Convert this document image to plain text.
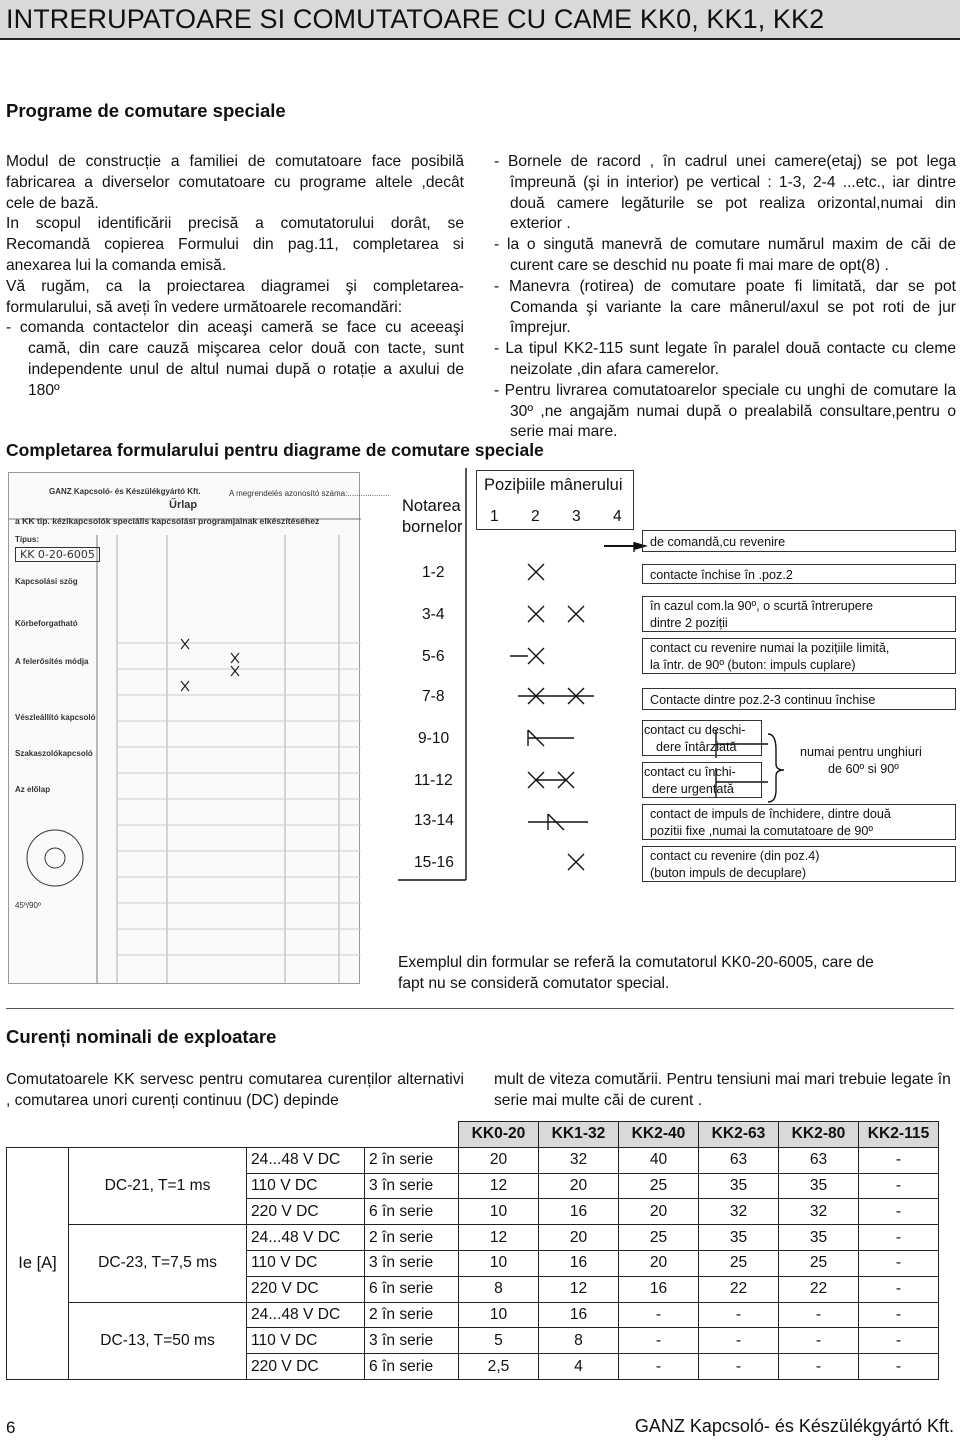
INTRERUPATOARE SI COMUTATOARE CU CAME KK0, KK1, KK2
Programe de comutare speciale

Modul de construcție a familiei de comutatoare face posibilă fabricarea a diverselor comutatoare cu programe altele ,decât cele de bază.

In scopul identificării precisă a comutatorului dorât, se Recomandă copierea Formului din pag.11, completarea si anexarea lui la comanda emisă.

Vă rugăm, ca la proiectarea diagramei şi completarea-formularului, să aveți în vedere următoarele recomandări:

- comanda contactelor din aceaşi cameră se face cu aceeaşi camă, din care cauză mişcarea celor două con tacte, sunt independente unul de altul numai după o rotație a axului de 180º

- Bornele de racord , în cadrul unei camere(etaj) se pot lega împreună (şi in interior) pe vertical : 1-3, 2-4 ...etc., iar dintre două camere legăturile se pot realiza orizontal,numai din exterior .

- la o singută manevră de comutare numărul maxim de căi de curent care se deschid nu poate fi mai mare de opt(8) .

- Manevra (rotirea) de comutare poate fi limitată, dar se pot Comanda şi variante la care mânerul/axul se pot roti de jur împrejur.

- La tipul KK2-115 sunt legate în paralel două contacte cu cleme neizolate ,din afara camerelor.

- Pentru livrarea comutatoarelor speciale cu unghi de comutare la 30º ,ne angajăm numai după o prealabilă consultare,pentru o serie mai mare.

Completarea formularului pentru diagrame de comutare speciale
GANZ Kapcsoló- és Készülékgyártó Kft.	A megrendelés azonosító száma:...................
Űrlap
a KK tip. kézikapcsolók speciális kapcsolási programjainak elkészítéséhez
Típus:
KK 0-20-6005
Kapcsolási szög
Körbeforgatható
A felerősítés módja
Vészleállító kapcsoló
Szakaszolókapcsoló
Az előlap
45º/90º
Notarea bornelor
Poziþiile mânerului
1 2 3 4
1-2
3-4
5-6
7-8
9-10
11-12
13-14
15-16
de comandă,cu revenire
contacte închise în .poz.2
în cazul com.la 90º, o scurtă întrerupere
dintre 2 poziții
contact cu revenire numai la pozițiile limită,
la într. de 90º (buton: impuls cuplare)
Contacte dintre poz.2-3 continuu închise
contact cu deschi-
dere întârziată
contact cu închi-
dere urgentată
numai pentru unghiuri
de 60º si 90º
contact de impuls de închidere, dintre două
pozitii fixe ,numai la comutatoare de 90º
contact cu revenire (din poz.4)
(buton impuls de decuplare)
Exemplul din formular se referă la comutatorul KK0-20-6005, care de fapt nu se consideră comutator special.
Curenți nominali de exploatare
Comutatoarele KK servesc pentru comutarea curenților alternativi , comutarea unori curenți continuu (DC) depinde
mult de viteza comutării. Pentru tensiuni mai mari trebuie legate în serie mai multe căi de curent .
				KK0-20	KK1-32	KK2-40	KK2-63	KK2-80	KK2-115
Ie [A]	DC-21, T=1 ms	24...48 V DC	2 în serie	20	32	40	63	63	-
		110 V DC	3 în serie	12	20	25	35	35	-
		220 V DC	6 în serie	10	16	20	32	32	-
	DC-23, T=7,5 ms	24...48 V DC	2 în serie	12	20	25	35	35	-
		110 V DC	3 în serie	10	16	20	25	25	-
		220 V DC	6 în serie	8	12	16	22	22	-
	DC-13, T=50 ms	24...48 V DC	2 în serie	10	16	-	-	-	-
		110 V DC	3 în serie	5	8	-	-	-	-
		220 V DC	6 în serie	2,5	4	-	-	-	-
6	GANZ Kapcsoló- és Készülékgyártó Kft.
